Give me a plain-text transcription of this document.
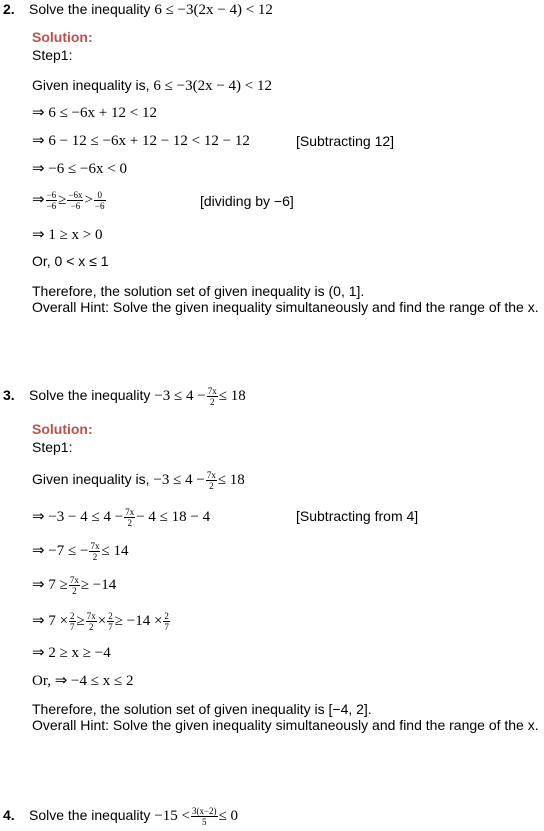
2. Solve the inequality 6 ≤ −3(2x − 4) < 12
Solution:
Step1:
Given inequality is, 6 ≤ −3(2x − 4) < 12
⇒ 6 ≤ −6x + 12 < 12
⇒ 6 − 12 ≤ −6x + 12 − 12 < 12 − 12	[Subtracting 12]
⇒ −6 ≤ −6x < 0
⇒ $\frac{-6}{-6} \ge \frac{-6x}{-6} > \frac{0}{-6}$	[dividing by −6]
⇒ 1 ≥ x > 0
Or, 0 < x ≤ 1
Therefore, the solution set of given inequality is (0, 1].
Overall Hint: Solve the given inequality simultaneously and find the range of the x.
3. Solve the inequality $-3 \le 4 - \frac{7x}{2} \le 18$
Solution:
Step1:
Given inequality is, $-3 \le 4 - \frac{7x}{2} \le 18$
⇒ $-3 - 4 \le 4 - \frac{7x}{2} - 4 \le 18 - 4$	[Subtracting from 4]
⇒ −7 ≤ − $\frac{7x}{2} \le 14$
⇒ $7 \ge \frac{7x}{2} \ge -14$
⇒ $7 \times \frac{2}{7} \ge \frac{7x}{2} \times \frac{2}{7} \ge -14 \times \frac{2}{7}$
⇒ 2 ≥ x ≥ −4
Or, ⇒ −4 ≤ x ≤ 2
Therefore, the solution set of given inequality is [−4, 2].
Overall Hint: Solve the given inequality simultaneously and find the range of the x.
4. Solve the inequality $-15 < \frac{3(x-2)}{5} \le 0$
